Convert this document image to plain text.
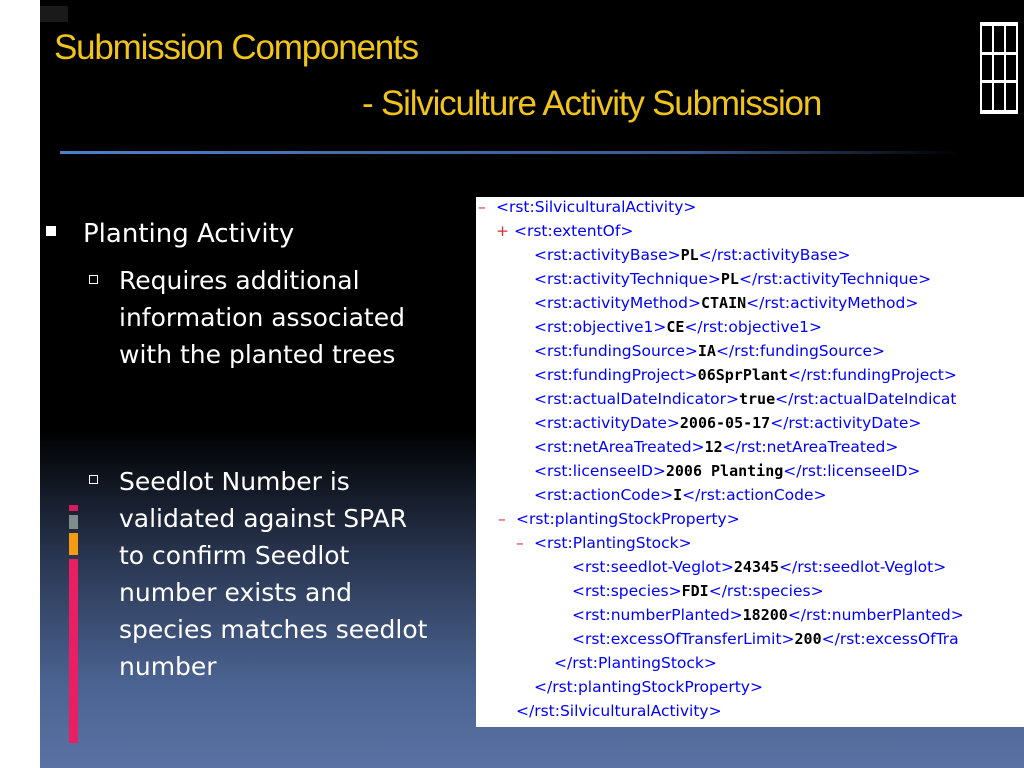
Submission Components
- Silviculture Activity Submission
Planting Activity
Requires additional information associated with the planted trees
Seedlot Number is validated against SPAR to confirm Seedlot number exists and species matches seedlot number
– <rst:SilviculturalActivity>
+ <rst:extentOf>
<rst:activityBase>PL</rst:activityBase>
<rst:activityTechnique>PL</rst:activityTechnique>
<rst:activityMethod>CTAIN</rst:activityMethod>
<rst:objective1>CE</rst:objective1>
<rst:fundingSource>IA</rst:fundingSource>
<rst:fundingProject>06SprPlant</rst:fundingProject>
<rst:actualDateIndicator>true</rst:actualDateIndicat
<rst:activityDate>2006-05-17</rst:activityDate>
<rst:netAreaTreated>12</rst:netAreaTreated>
<rst:licenseeID>2006 Planting</rst:licenseeID>
<rst:actionCode>I</rst:actionCode>
– <rst:plantingStockProperty>
– <rst:PlantingStock>
<rst:seedlot-Veglot>24345</rst:seedlot-Veglot>
<rst:species>FDI</rst:species>
<rst:numberPlanted>18200</rst:numberPlanted>
<rst:excessOfTransferLimit>200</rst:excessOfTra
</rst:PlantingStock>
</rst:plantingStockProperty>
</rst:SilviculturalActivity>
